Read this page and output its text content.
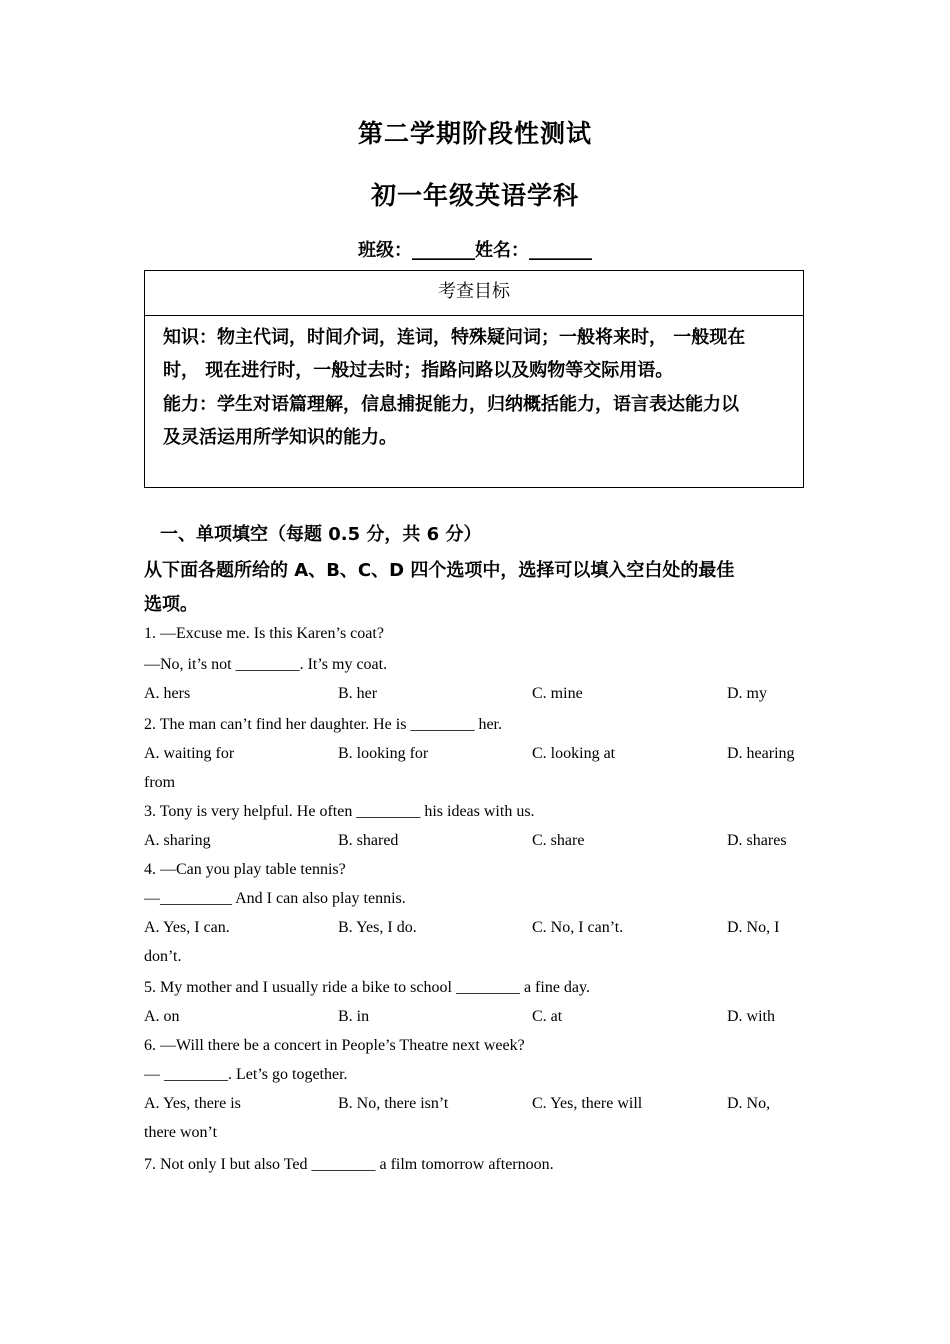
第二学期阶段性测试
初一年级英语学科
班级：_______姓名：_______
考查目标
知识：物主代词，时间介词，连词，特殊疑问词；一般将来时， 一般现在
时， 现在进行时，一般过去时；指路问路以及购物等交际用语。
能力：学生对语篇理解，信息捕捉能力，归纳概括能力，语言表达能力以
及灵活运用所学知识的能力。
一、单项填空（每题 0.5 分，共 6 分）
从下面各题所给的 A、B、C、D 四个选项中，选择可以填入空白处的最佳
选项。
1. —Excuse me. Is this Karen’s coat?
—No, it’s not ________. It’s my coat.
A. hers	B. her	C. mine	D. my
2. The man can’t find her daughter. He is ________ her.
A. waiting for	B. looking for	C. looking at	D. hearing
from
3. Tony is very helpful. He often ________ his ideas with us.
A. sharing	B. shared	C. share	D. shares
4. —Can you play table tennis?
—_________ And I can also play tennis.
A. Yes, I can.	B. Yes, I do.	C. No, I can’t.	D. No, I
don’t.
5. My mother and I usually ride a bike to school ________ a fine day.
A. on	B. in	C. at	D. with
6. —Will there be a concert in People’s Theatre next week?
— ________. Let’s go together.
A. Yes, there is	B. No, there isn’t	C. Yes, there will	D. No,
there won’t
7. Not only I but also Ted ________ a film tomorrow afternoon.
